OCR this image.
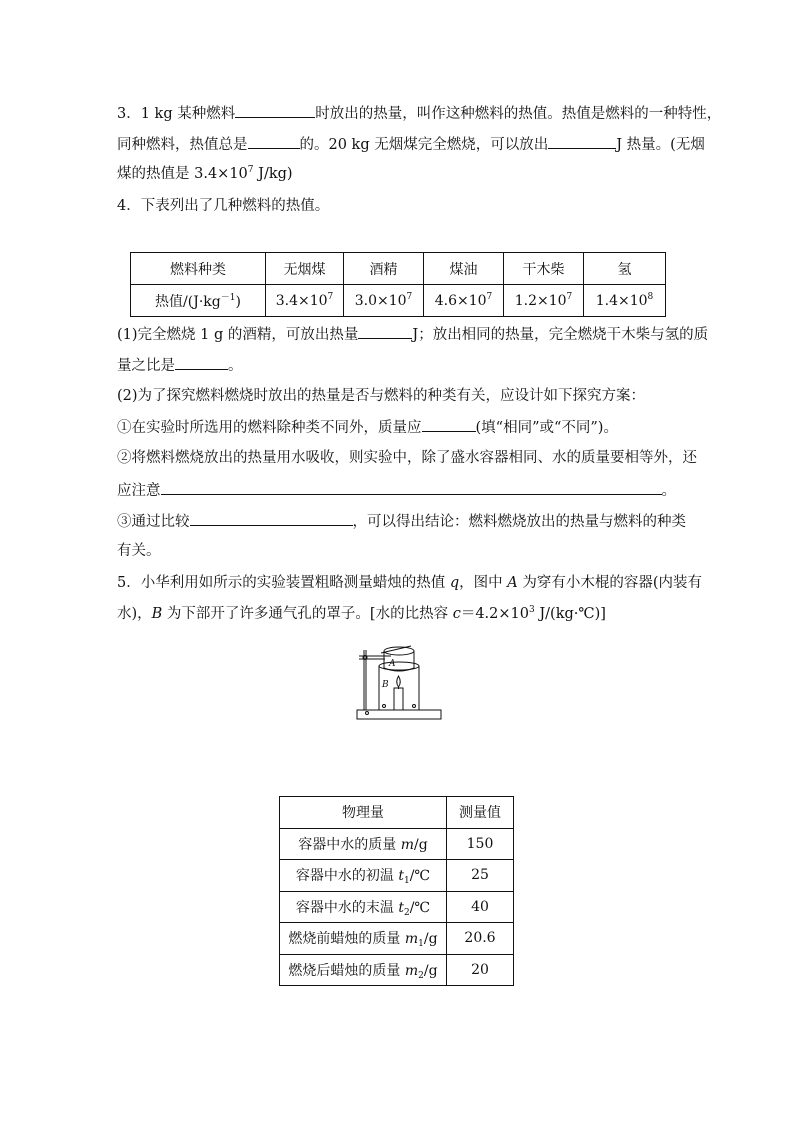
3．1 kg 某种燃料	时放出的热量，叫作这种燃料的热值。热值是燃料的一种特性，
同种燃料，热值总是	的。20 kg 无烟煤完全燃烧，可以放出	J 热量。(无烟
煤的热值是 $3.4\times 10^7$ J/kg)
4．下表列出了几种燃料的热值。
燃料种类	无烟煤	酒精	煤油	干木柴	氢
热值$/(J\cdot kg^{-1})$	$3.4\times 10^7$	$3.0\times 10^7$	$4.6\times 10^7$	$1.2\times 10^7$	$1.4\times 10^8$
(1)完全燃烧 1 g 的酒精，可放出热量	J；放出相同的热量，完全燃烧干木柴与氢的质
量之比是	。
(2)为了探究燃料燃烧时放出的热量是否与燃料的种类有关，应设计如下探究方案：
①在实验时所选用的燃料除种类不同外，质量应	(填“相同”或“不同”)。
②将燃料燃烧放出的热量用水吸收，则实验中，除了盛水容器相同、水的质量要相等外，还
应注意	。
③通过比较	，可以得出结论：燃料燃烧放出的热量与燃料的种类
有关。
5．小华利用如所示的实验装置粗略测量蜡烛的热值 q，图中 A 为穿有小木棍的容器(内装有
水)，B 为下部开了许多通气孔的罩子。[水的比热容 $c=4.2\times 10^3$ J/(kg·℃)]
A
B
物理量	测量值
容器中水的质量 m/g	150
容器中水的初温 $t_1/℃$	25
容器中水的末温 $t_2/℃$	40
燃烧前蜡烛的质量 $m_1/g$	20.6
燃烧后蜡烛的质量 $m_2/g$	20
